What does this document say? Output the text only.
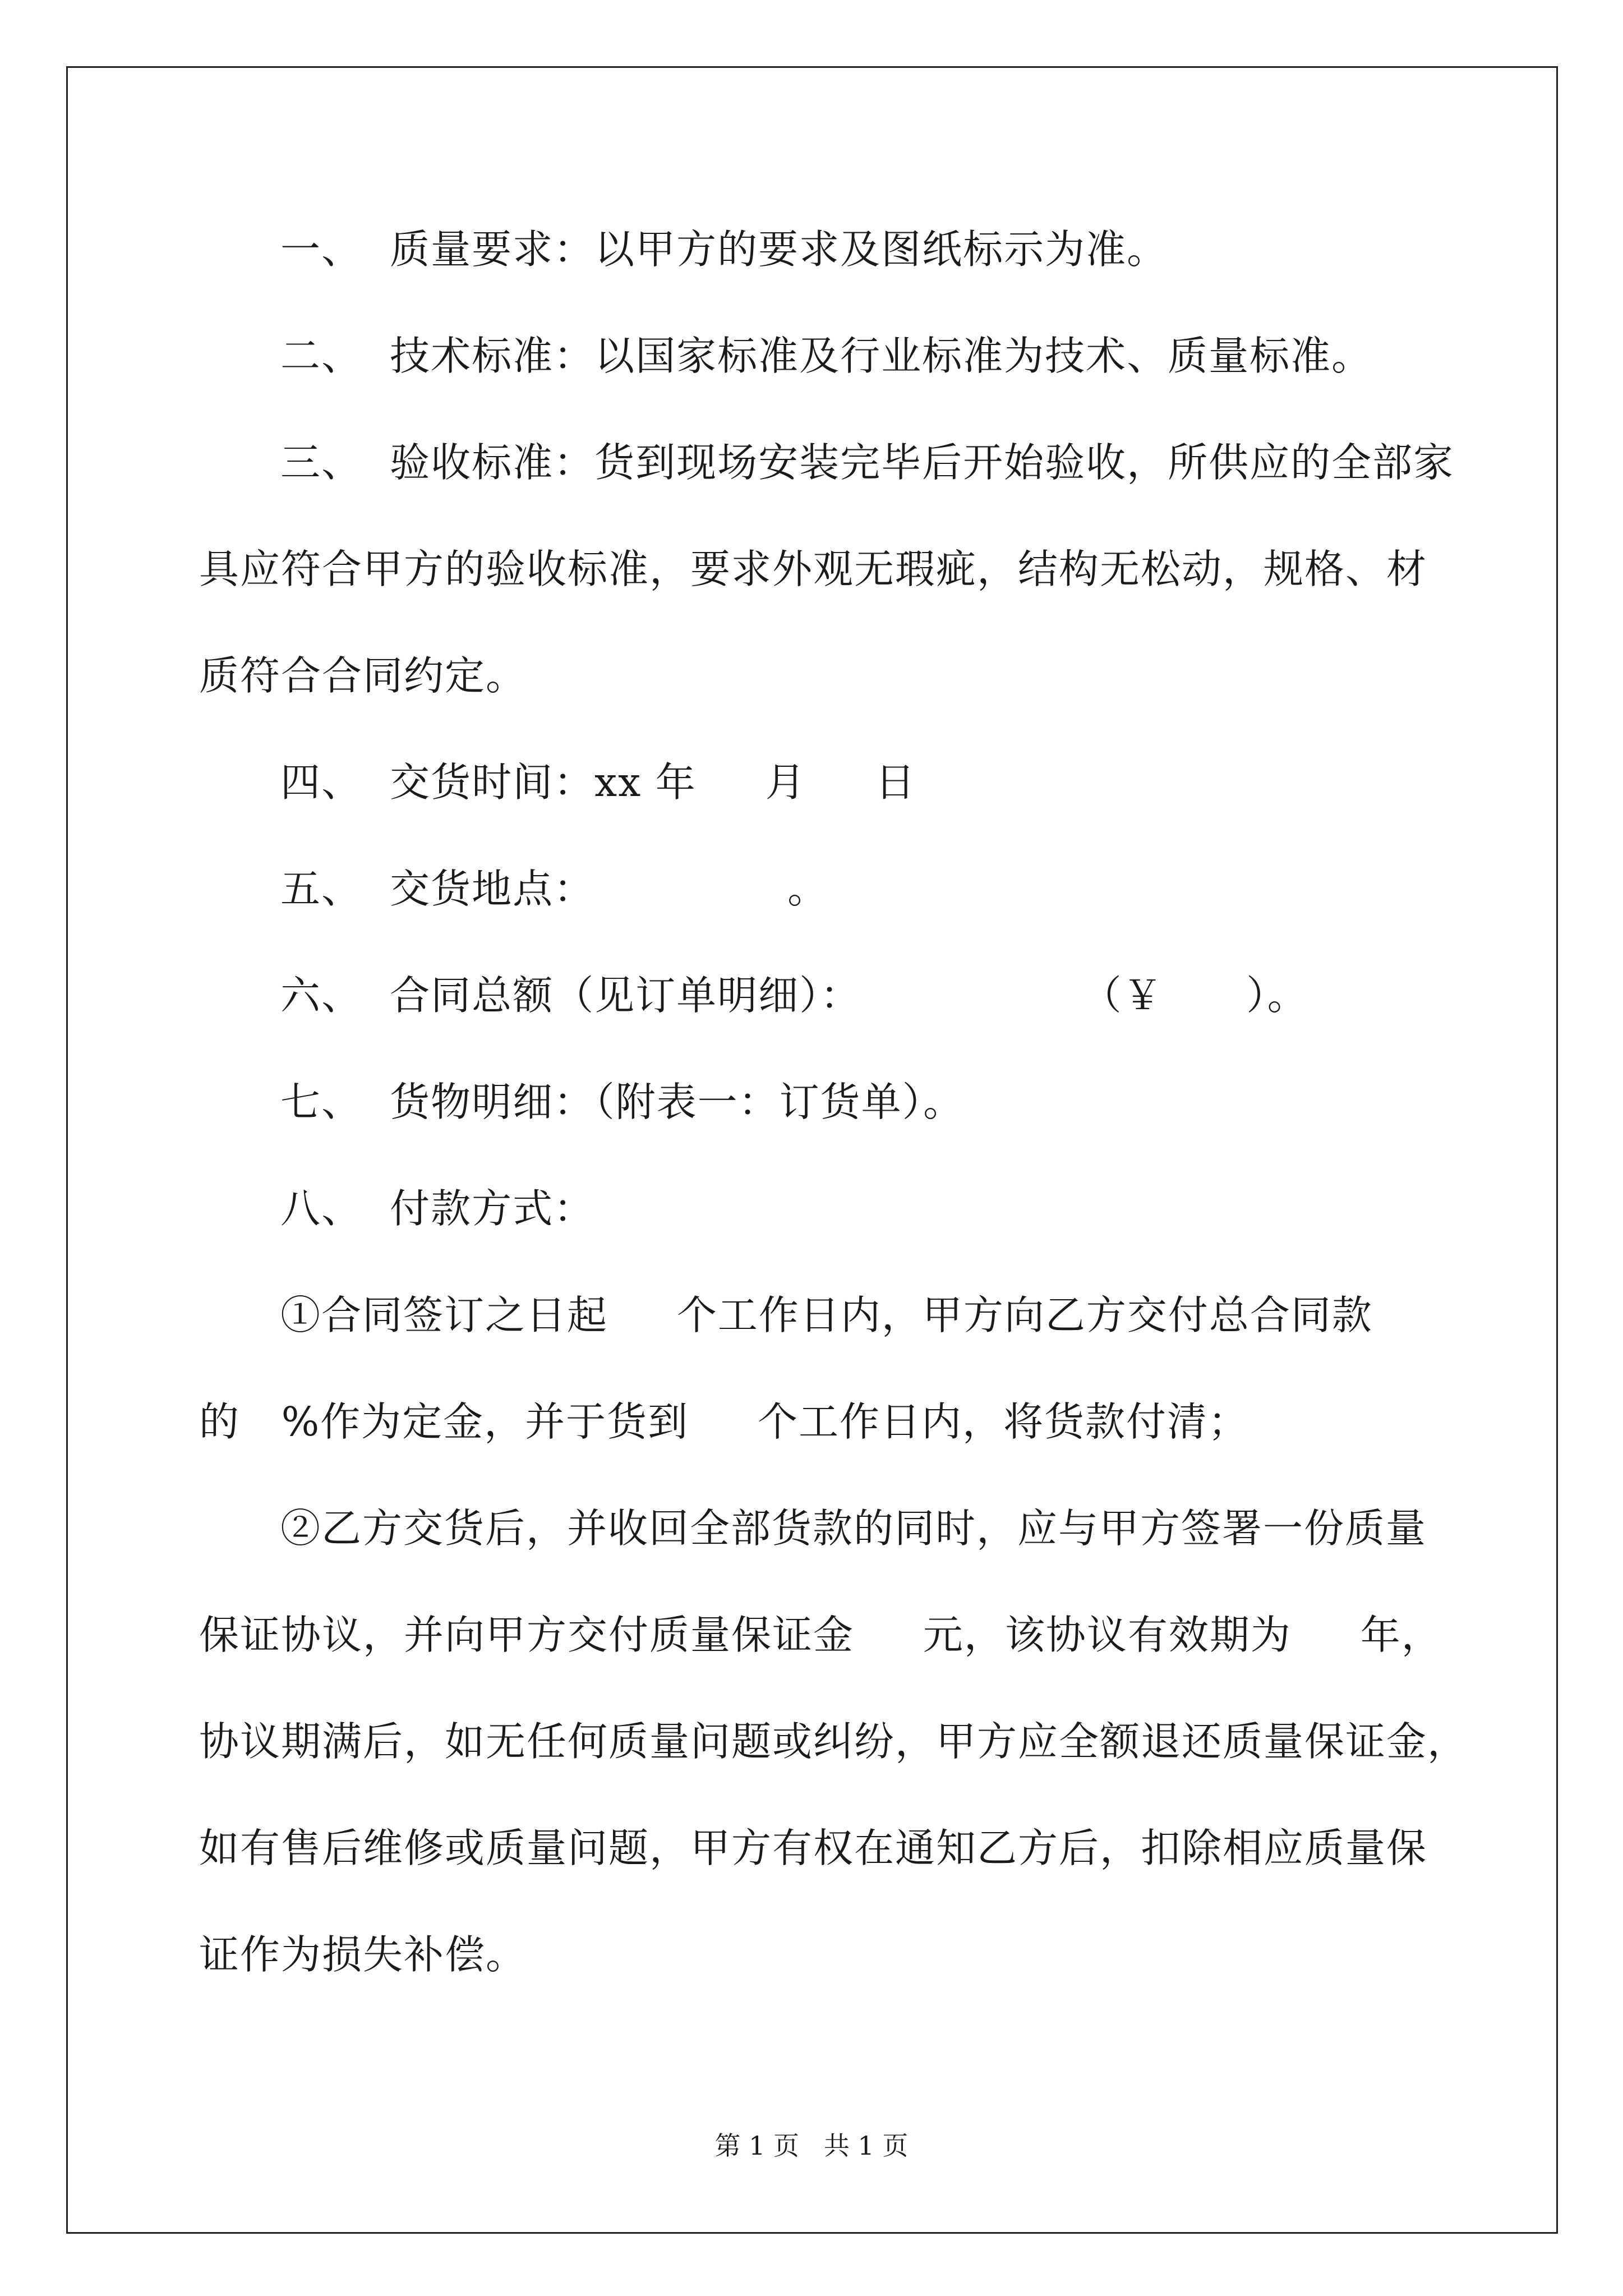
一、  质量要求：以甲方的要求及图纸标示为准。
二、  技术标准：以国家标准及行业标准为技术、质量标准。
三、  验收标准：货到现场安装完毕后开始验收，所供应的全部家
具应符合甲方的验收标准，要求外观无瑕疵，结构无松动，规格、材
质符合合同约定。
四、  交货时间：xx 年     月     日
五、  交货地点：              。
六、  合同总额（见订单明细）：                （￥      ）。
七、  货物明细：（附表一：订货单）。
八、  付款方式：
①合同签订之日起     个工作日内，甲方向乙方交付总合同款
的   %作为定金，并于货到     个工作日内，将货款付清；
②乙方交货后，并收回全部货款的同时，应与甲方签署一份质量
保证协议，并向甲方交付质量保证金     元，该协议有效期为     年，
协议期满后，如无任何质量问题或纠纷，甲方应全额退还质量保证金，
如有售后维修或质量问题，甲方有权在通知乙方后，扣除相应质量保
证作为损失补偿。
第 1 页   共 1 页
